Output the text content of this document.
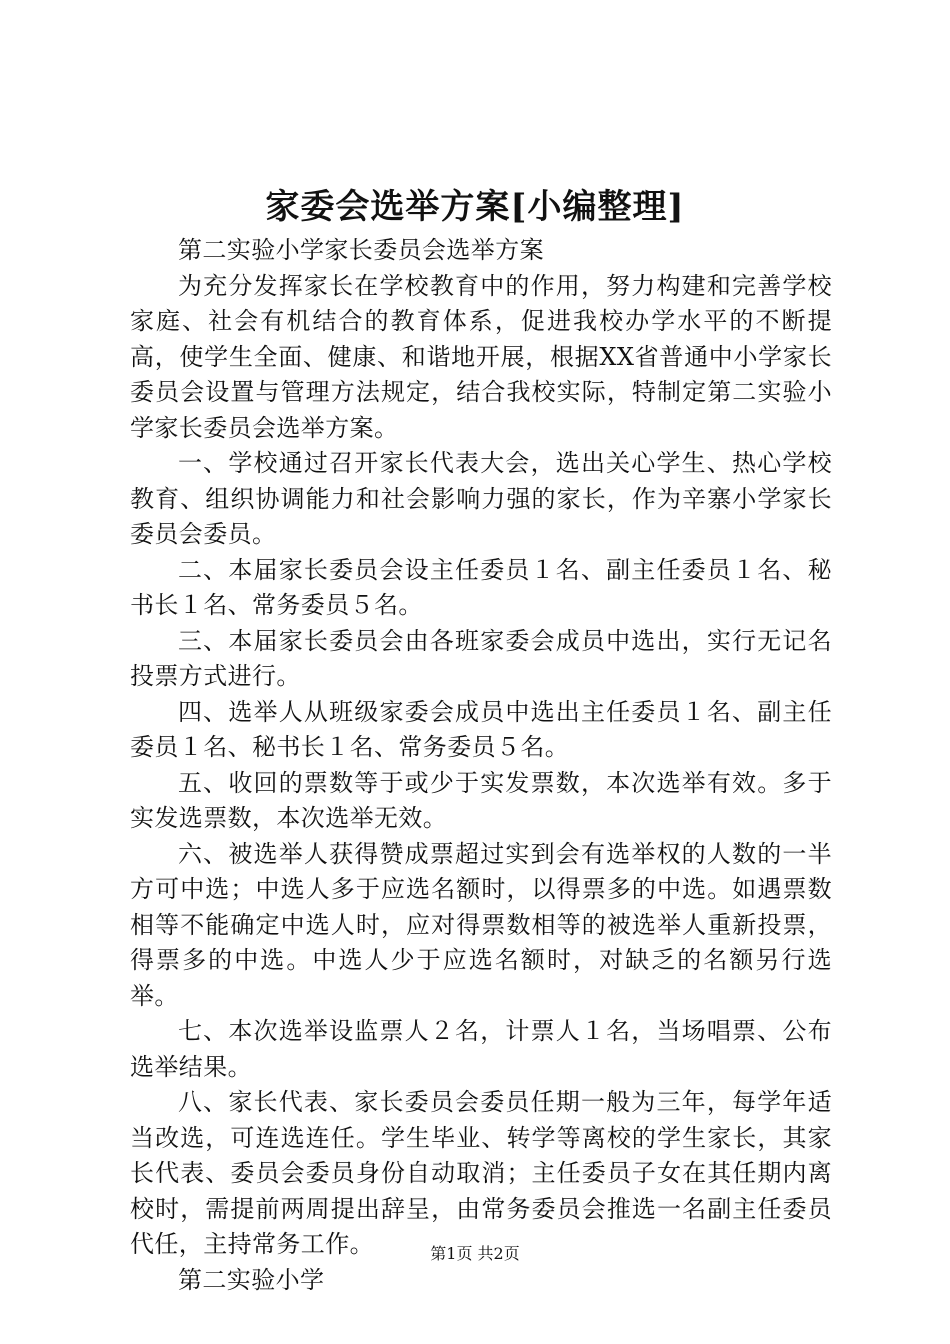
家委会选举方案[小编整理]

第二实验小学家长委员会选举方案

为充分发挥家长在学校教育中的作用，努力构建和完善学校家庭、社会有机结合的教育体系，促进我校办学水平的不断提高，使学生全面、健康、和谐地开展，根据XX省普通中小学家长委员会设置与管理方法规定，结合我校实际，特制定第二实验小学家长委员会选举方案。

一、学校通过召开家长代表大会，选出关心学生、热心学校教育、组织协调能力和社会影响力强的家长，作为辛寨小学家长委员会委员。

二、本届家长委员会设主任委员１名、副主任委员１名、秘书长１名、常务委员５名。

三、本届家长委员会由各班家委会成员中选出，实行无记名投票方式进行。

四、选举人从班级家委会成员中选出主任委员１名、副主任委员１名、秘书长１名、常务委员５名。

五、收回的票数等于或少于实发票数，本次选举有效。多于实发选票数，本次选举无效。

六、被选举人获得赞成票超过实到会有选举权的人数的一半方可中选；中选人多于应选名额时，以得票多的中选。如遇票数相等不能确定中选人时，应对得票数相等的被选举人重新投票，得票多的中选。中选人少于应选名额时，对缺乏的名额另行选举。

七、本次选举设监票人２名，计票人１名，当场唱票、公布选举结果。

八、家长代表、家长委员会委员任期一般为三年，每学年适当改选，可连选连任。学生毕业、转学等离校的学生家长，其家长代表、委员会委员身份自动取消；主任委员子女在其任期内离校时，需提前两周提出辞呈，由常务委员会推选一名副主任委员代任，主持常务工作。

第二实验小学

第1页 共2页
